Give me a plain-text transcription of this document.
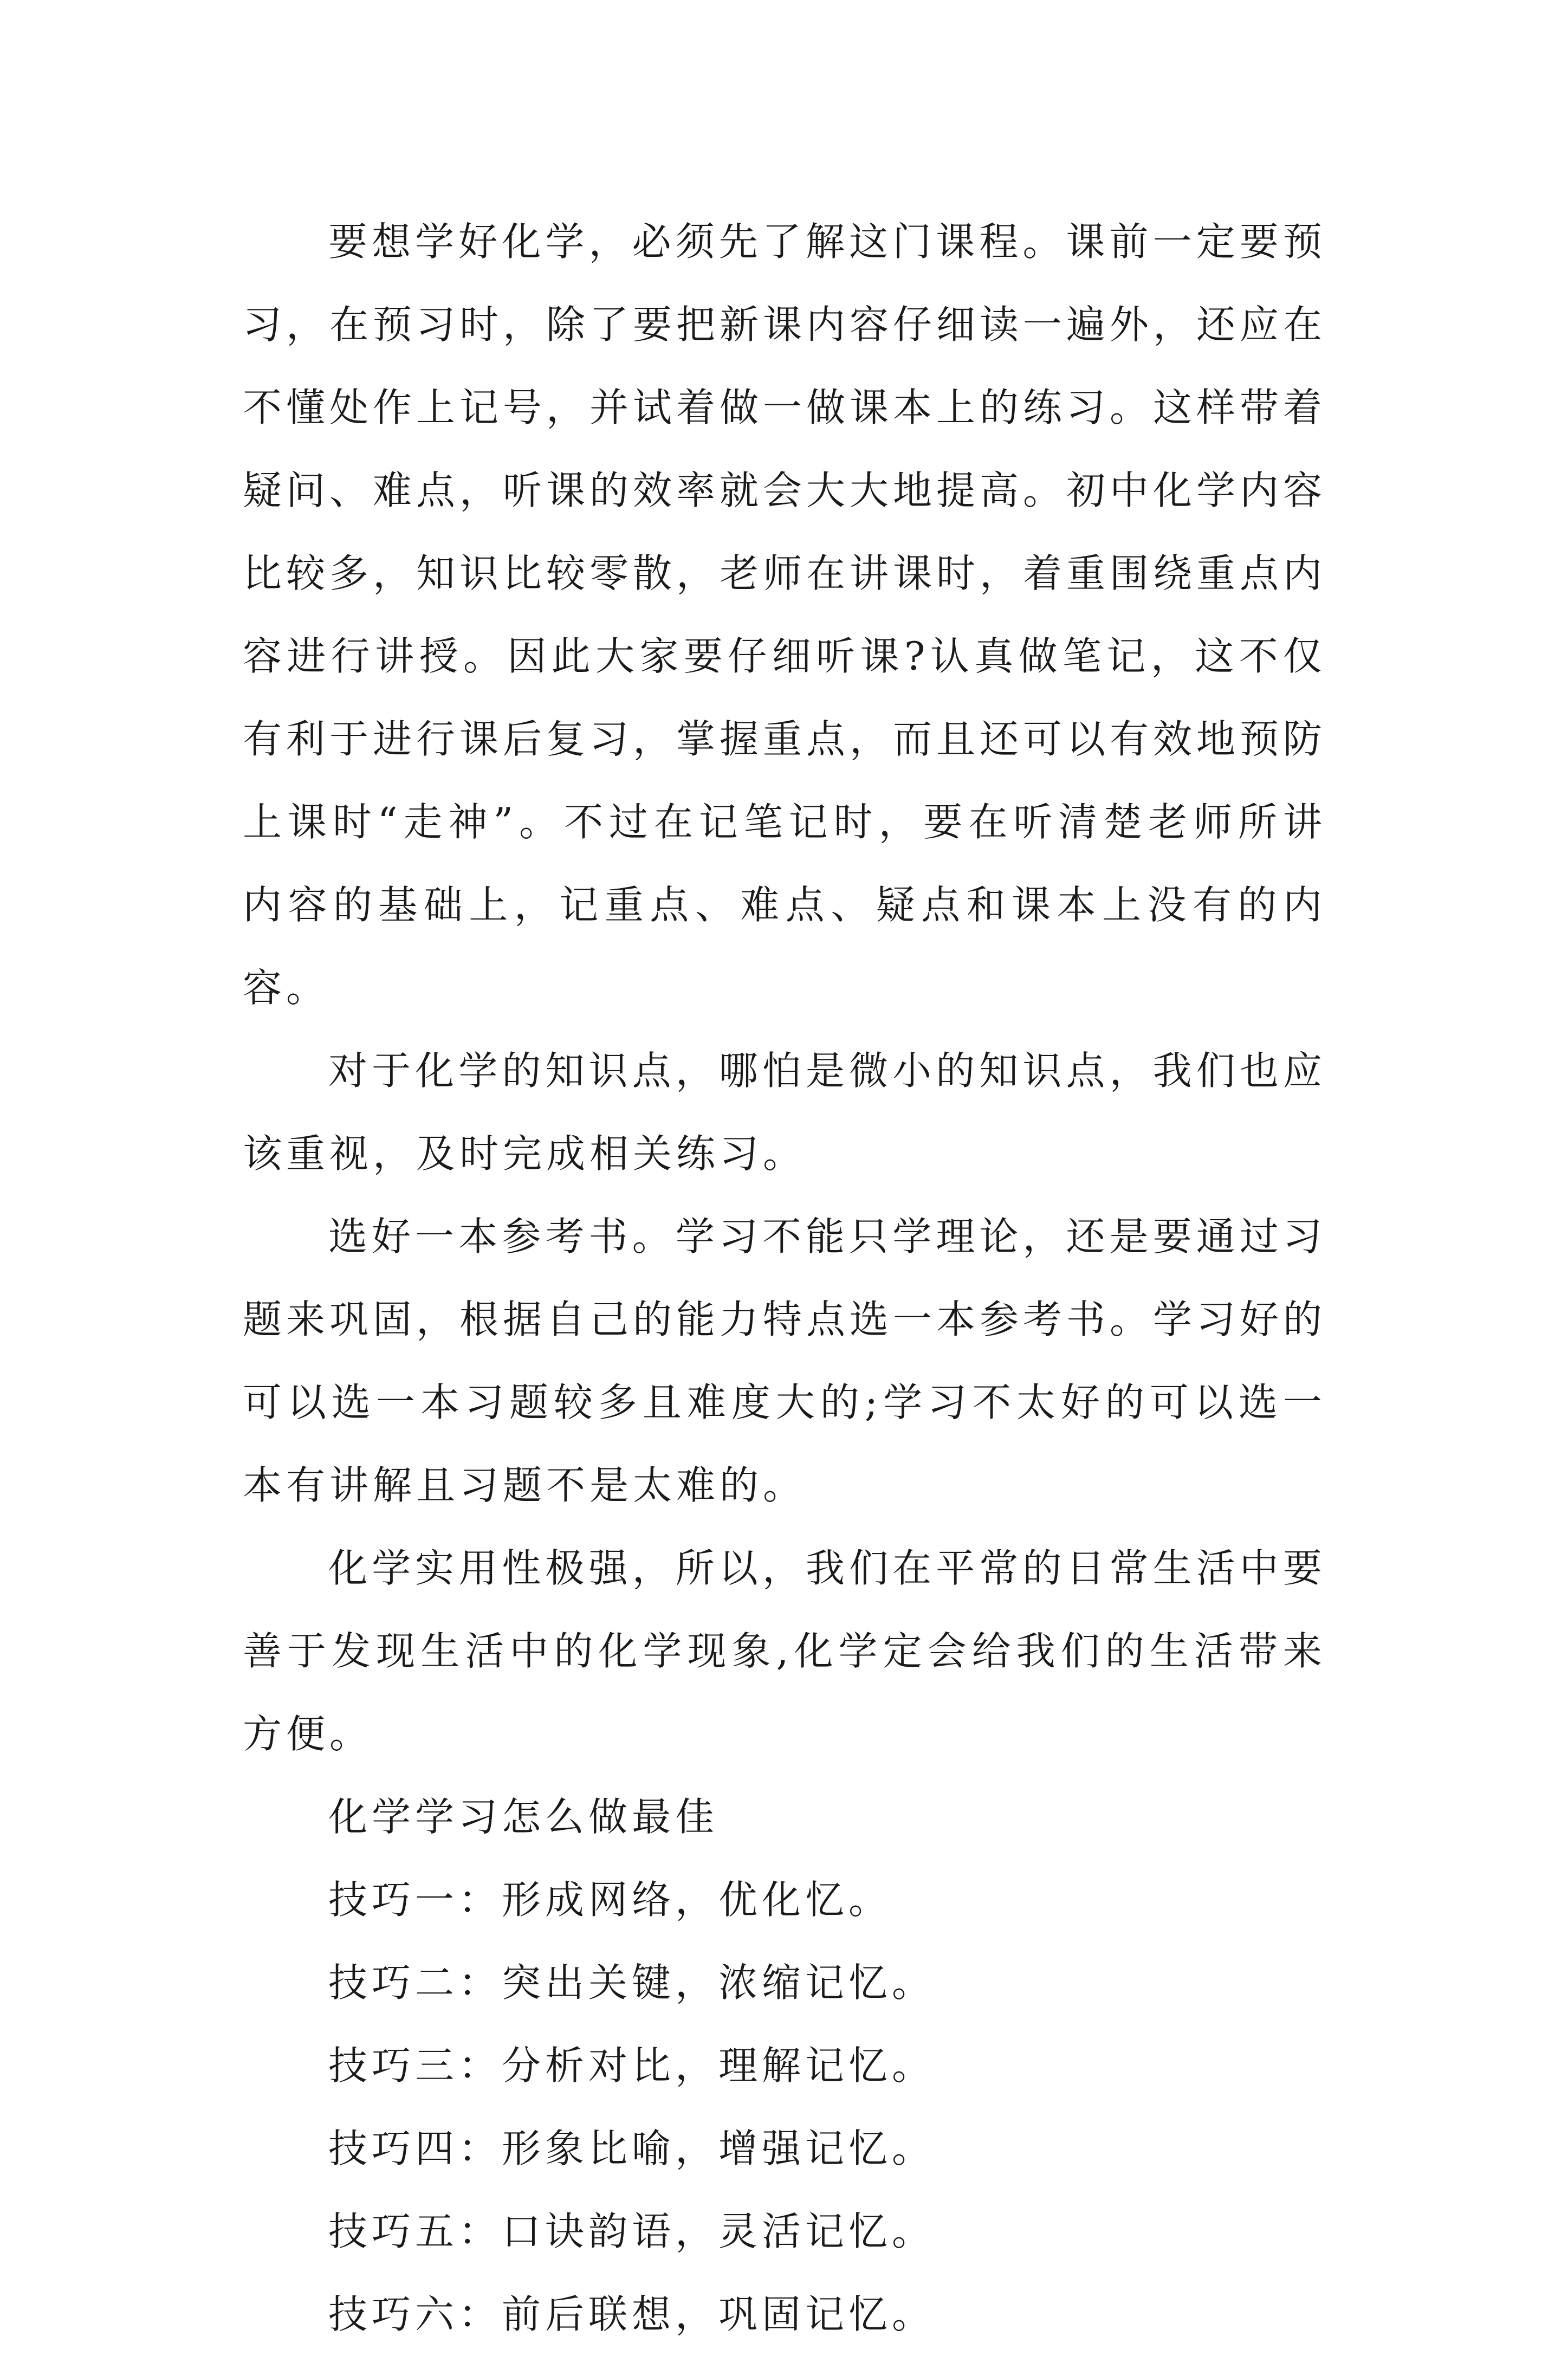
要想学好化学，必须先了解这门课程。课前一定要预习，在预习时，除了要把新课内容仔细读一遍外，还应在不懂处作上记号，并试着做一做课本上的练习。这样带着疑问、难点，听课的效率就会大大地提高。初中化学内容比较多，知识比较零散，老师在讲课时，着重围绕重点内容进行讲授。因此大家要仔细听课?认真做笔记，这不仅有利于进行课后复习，掌握重点，而且还可以有效地预防上课时“走神”。不过在记笔记时，要在听清楚老师所讲内容的基础上，记重点、难点、疑点和课本上没有的内容。

对于化学的知识点，哪怕是微小的知识点，我们也应该重视，及时完成相关练习。

选好一本参考书。学习不能只学理论，还是要通过习题来巩固，根据自己的能力特点选一本参考书。学习好的可以选一本习题较多且难度大的;学习不太好的可以选一本有讲解且习题不是太难的。

化学实用性极强，所以，我们在平常的日常生活中要善于发现生活中的化学现象,化学定会给我们的生活带来方便。

化学学习怎么做最佳

技巧一：形成网络，优化忆。

技巧二：突出关键，浓缩记忆。

技巧三：分析对比，理解记忆。

技巧四：形象比喻，增强记忆。

技巧五：口诀韵语，灵活记忆。

技巧六：前后联想，巩固记忆。
